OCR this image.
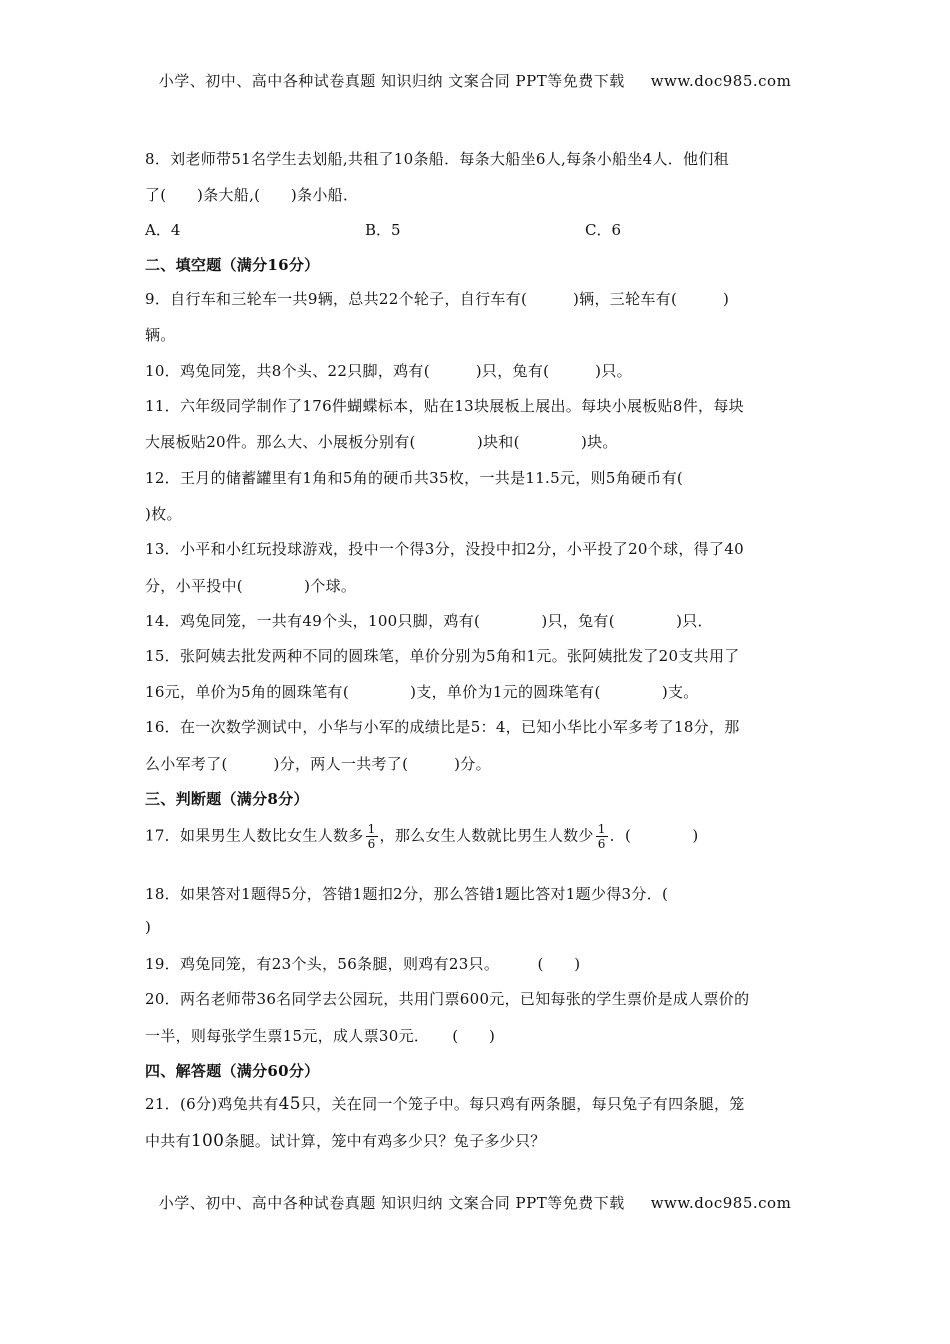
小学、初中、高中各种试卷真题 知识归纳 文案合同 PPT等免费下载 www.doc985.com
8．刘老师带51名学生去划船,共租了10条船．每条大船坐6人,每条小船坐4人．他们租
了(　　)条大船,(　　)条小船．
A．4	B．5	C．6
二、填空题（满分16分）
9．自行车和三轮车一共9辆，总共22个轮子，自行车有(　　　)辆，三轮车有(　　　)
辆。
10．鸡兔同笼，共8个头、22只脚，鸡有(　　　)只，兔有(　　　)只。
11．六年级同学制作了176件蝴蝶标本，贴在13块展板上展出。每块小展板贴8件，每块
大展板贴20件。那么大、小展板分别有(　　　　)块和(　　　　)块。
12．王月的储蓄罐里有1角和5角的硬币共35枚，一共是11.5元，则5角硬币有(
)枚。
13．小平和小红玩投球游戏，投中一个得3分，没投中扣2分，小平投了20个球，得了40
分，小平投中(　　　　)个球。
14．鸡兔同笼，一共有49个头，100只脚，鸡有(　　　　)只，兔有(　　　　)只．
15．张阿姨去批发两种不同的圆珠笔，单价分别为5角和1元。张阿姨批发了20支共用了
16元，单价为5角的圆珠笔有(　　　　)支，单价为1元的圆珠笔有(　　　　)支。
16．在一次数学测试中，小华与小军的成绩比是5：4，已知小华比小军多考了18分，那
么小军考了(　　　)分，两人一共考了(　　　)分。
三、判断题（满分8分）
17．如果男生人数比女生人数多 $\frac{1}{6}$ ，那么女生人数就比男生人数少 $\frac{1}{6}$ ．(　　　　)
18．如果答对1题得5分，答错1题扣2分，那么答错1题比答对1题少得3分．(
)
19．鸡兔同笼，有23个头，56条腿，则鸡有23只。　　　(　　)
20．两名老师带36名同学去公园玩，共用门票600元，已知每张的学生票价是成人票价的
一半，则每张学生票15元，成人票30元．　　(　　)
四、解答题（满分60分）
21．(6分)鸡兔共有45只，关在同一个笼子中。每只鸡有两条腿，每只兔子有四条腿，笼
中共有100条腿。试计算，笼中有鸡多少只？兔子多少只？
小学、初中、高中各种试卷真题 知识归纳 文案合同 PPT等免费下载 www.doc985.com
